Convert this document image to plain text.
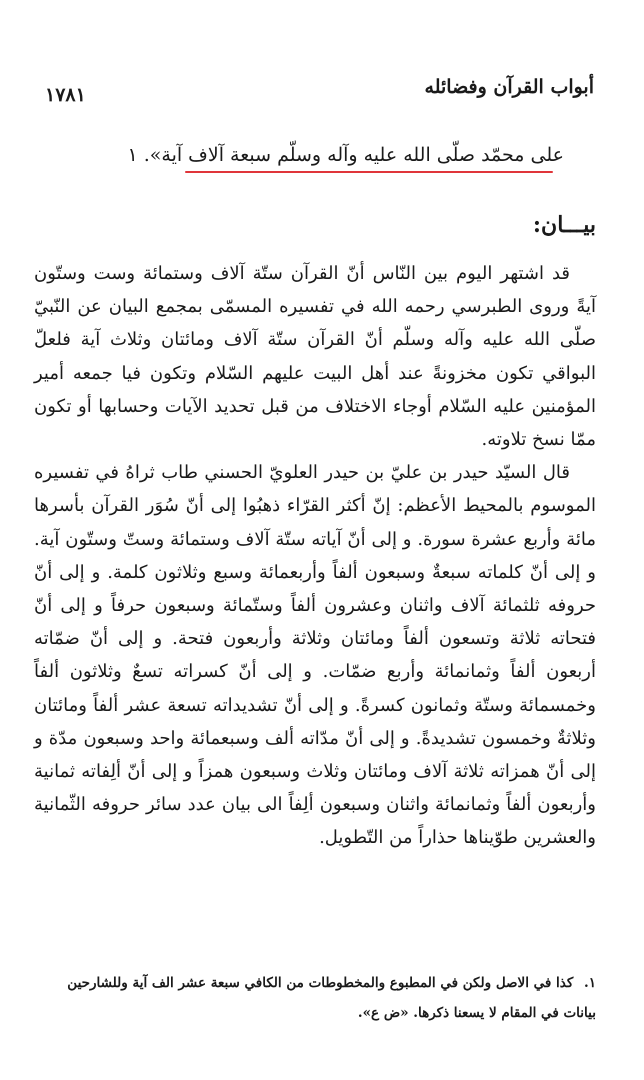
أبواب القرآن وفضائله
١٧٨١
على محمّد صلّى الله عليه وآله وسلّم سبعة آلاف آية». ١
بيـــان:

قد اشتهر اليوم بين النّاس أنّ القرآن ستّة آلاف وستمائة وست وستّون آيةً وروى الطبرسي رحمه الله في تفسيره المسمّى بمجمع البيان عن النّبيّ صلّى الله عليه وآله وسلّم أنّ القرآن ستّة آلاف ومائتان وثلاث آية فلعلّ البواقي تكون مخزونةً عند أهل البيت عليهم السّلام وتكون فيا جمعه أمير المؤمنين عليه السّلام أوجاء الاختلاف من قبل تحديد الآيات وحسابها أو تكون ممّا نسخ تلاوته.

قال السيّد حيدر بن عليّ بن حيدر العلويّ الحسني طاب ثراهُ في تفسيره الموسوم بالمحيط الأعظم: إنّ أكثر القرّاء ذهبُوا إلى أنّ سُوَر القرآن بأسرها مائة وأربع عشرة سورة. و إلى أنّ آياته ستّة آلاف وستمائة وستّ وستّون آية. و إلى أنّ كلماته سبعةٌ وسبعون ألفاً وأربعمائة وسبع وثلاثون كلمة. و إلى أنّ حروفه ثلثمائة آلاف واثنان وعشرون ألفاً وستّمائة وسبعون حرفاً و إلى أنّ فتحاته ثلاثة وتسعون ألفاً ومائتان وثلاثة وأربعون فتحة. و إلى أنّ ضمّاته أربعون ألفاً وثمانمائة وأربع ضمّات. و إلى أنّ كسراته تسعٌ وثلاثون ألفاً وخمسمائة وستّة وثمانون كسرةً. و إلى أنّ تشديداته تسعة عشر ألفاً ومائتان وثلاثةٌ وخمسون تشديدةً. و إلى أنّ مدّاته ألف وسبعمائة واحد وسبعون مدّة و إلى أنّ همزاته ثلاثة آلاف ومائتان وثلاث وسبعون همزاً و إلى أنّ ألِفاته ثمانية وأربعون ألفاً وثمانمائة واثنان وسبعون ألِفاً الى بيان عدد سائر حروفه الثّمانية والعشرين طوّيناها حذاراً من التّطويل.

١. كذا في الاصل ولكن في المطبوع والمخطوطات من الكافي سبعة عشر الف آية وللشارحين بيانات في المقام لا يسعنا ذكرها. «ض ع».
